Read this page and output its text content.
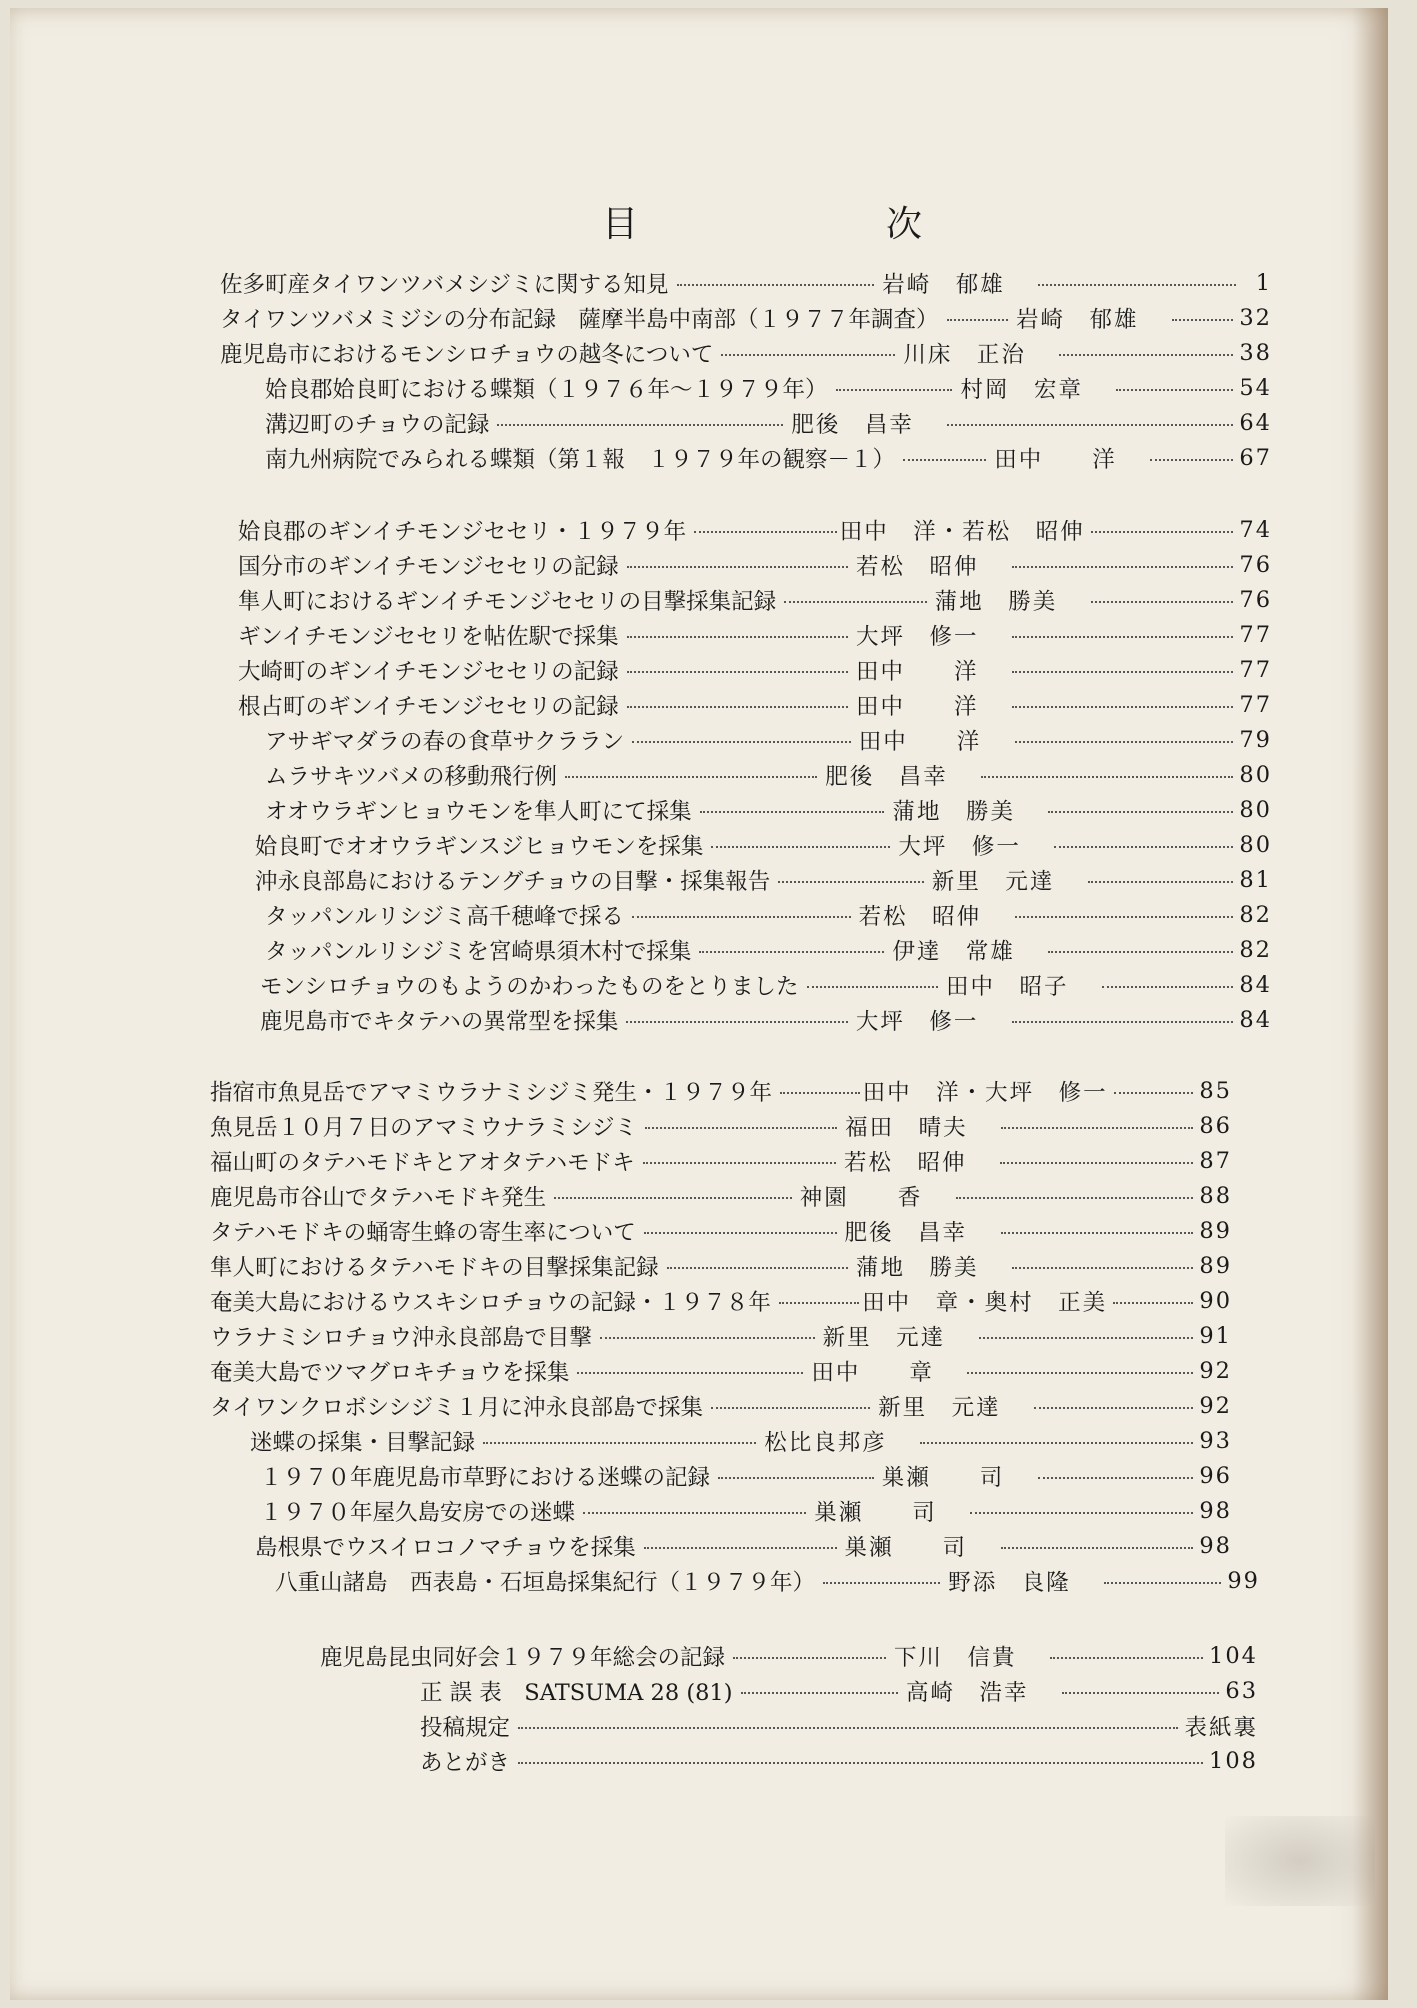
目	次
佐多町産タイワンツバメシジミに関する知見	岩崎　郁雄	1
タイワンツバメミジシの分布記録　薩摩半島中南部（１９７７年調査）	岩崎　郁雄	32
鹿児島市におけるモンシロチョウの越冬について	川床　正治	38
姶良郡姶良町における蝶類（１９７６年〜１９７９年）	村岡　宏章	54
溝辺町のチョウの記録	肥後　昌幸	64
南九州病院でみられる蝶類（第１報　１９７９年の観察－１）	田中　　洋	67
姶良郡のギンイチモンジセセリ・１９７９年	田中　洋・若松　昭伸	74
国分市のギンイチモンジセセリの記録	若松　昭伸	76
隼人町におけるギンイチモンジセセリの目撃採集記録	蒲地　勝美	76
ギンイチモンジセセリを帖佐駅で採集	大坪　修一	77
大崎町のギンイチモンジセセリの記録	田中　　洋	77
根占町のギンイチモンジセセリの記録	田中　　洋	77
アサギマダラの春の食草サクララン	田中　　洋	79
ムラサキツバメの移動飛行例	肥後　昌幸	80
オオウラギンヒョウモンを隼人町にて採集	蒲地　勝美	80
姶良町でオオウラギンスジヒョウモンを採集	大坪　修一	80
沖永良部島におけるテングチョウの目撃・採集報告	新里　元達	81
タッパンルリシジミ高千穂峰で採る	若松　昭伸	82
タッパンルリシジミを宮崎県須木村で採集	伊達　常雄	82
モンシロチョウのもようのかわったものをとりました	田中　昭子	84
鹿児島市でキタテハの異常型を採集	大坪　修一	84
指宿市魚見岳でアマミウラナミシジミ発生・１９７９年	田中　洋・大坪　修一	85
魚見岳１０月７日のアマミウナラミシジミ	福田　晴夫	86
福山町のタテハモドキとアオタテハモドキ	若松　昭伸	87
鹿児島市谷山でタテハモドキ発生	神園　　香	88
タテハモドキの蛹寄生蜂の寄生率について	肥後　昌幸	89
隼人町におけるタテハモドキの目撃採集記録	蒲地　勝美	89
奄美大島におけるウスキシロチョウの記録・１９７８年	田中　章・奥村　正美	90
ウラナミシロチョウ沖永良部島で目撃	新里　元達	91
奄美大島でツマグロキチョウを採集	田中　　章	92
タイワンクロボシシジミ１月に沖永良部島で採集	新里　元達	92
迷蝶の採集・目撃記録	松比良邦彦	93
１９７０年鹿児島市草野における迷蝶の記録	巣瀬　　司	96
１９７０年屋久島安房での迷蝶	巣瀬　　司	98
島根県でウスイロコノマチョウを採集	巣瀬　　司	98
八重山諸島　西表島・石垣島採集紀行（１９７９年）	野添　良隆	99
鹿児島昆虫同好会１９７９年総会の記録	下川　信貴	104
正 誤 表　SATSUMA 28 (81)	高崎　浩幸	63
投稿規定	表紙裏
あとがき	108
